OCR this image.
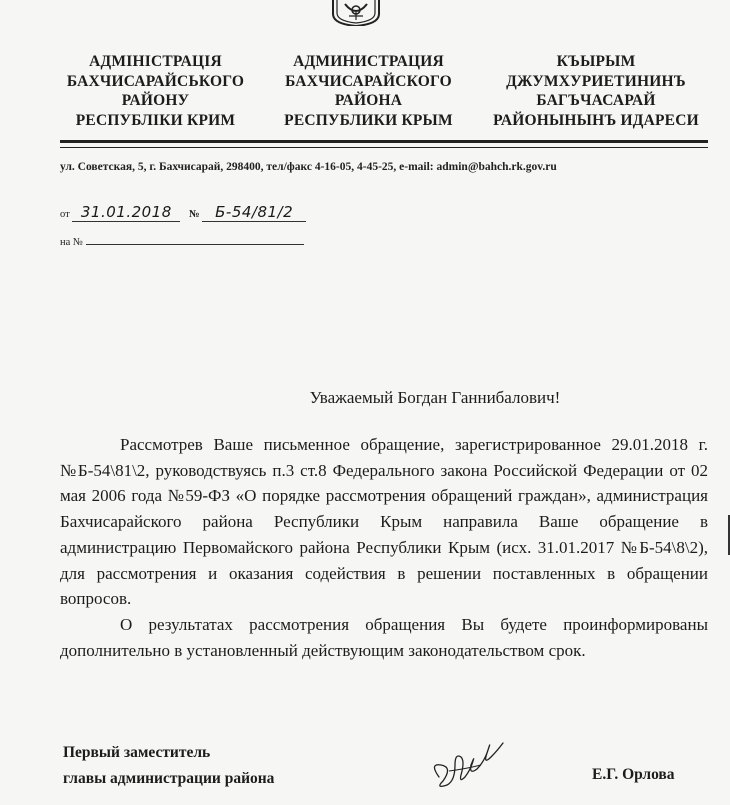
АДМІНІСТРАЦІЯ
БАХЧИСАРАЙСЬКОГО
РАЙОНУ
РЕСПУБЛІКИ КРИМ
АДМИНИСТРАЦИЯ
БАХЧИСАРАЙСКОГО
РАЙОНА
РЕСПУБЛИКИ КРЫМ
КЪЫРЫМ
ДЖУМХУРИЕТИНИНЪ
БАГЪЧАСАРАЙ
РАЙОНЫНЫНЪ ИДАРЕСИ
ул. Советская, 5, г. Бахчисарай, 298400, тел/факс 4-16-05, 4-45-25, e-mail: admin@bahch.rk.gov.ru
от 31.01.2018 № Б-54/81/2
на №
Уважаемый Богдан Ганнибалович!

Рассмотрев Ваше письменное обращение, зарегистрированное 29.01.2018 г. №Б-54\81\2, руководствуясь п.3 ст.8 Федерального закона Российской Федерации от 02 мая 2006 года №59-ФЗ «О порядке рассмотрения обращений граждан», администрация Бахчисарайского района Республики Крым направила Ваше обращение в администрацию Первомайского района Республики Крым (исх. 31.01.2017 №Б-54\8\2), для рассмотрения и оказания содействия в решении поставленных в обращении вопросов.

О результатах рассмотрения обращения Вы будете проинформированы дополнительно в установленный действующим законодательством срок.

Первый заместитель
главы администрации района	Е.Г. Орлова
